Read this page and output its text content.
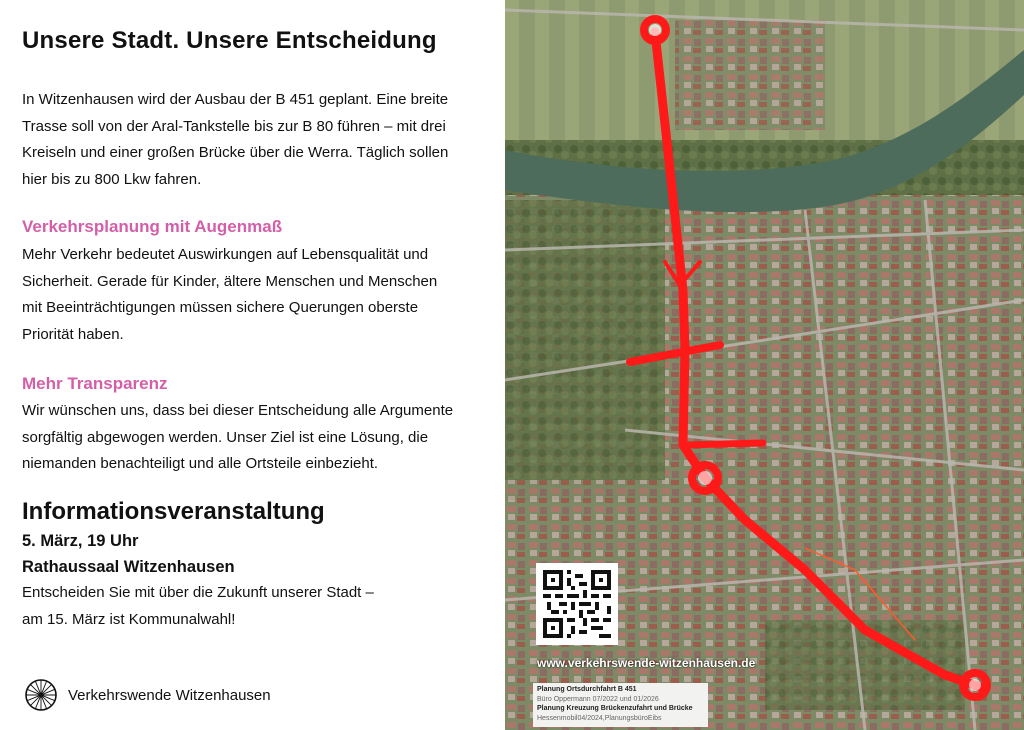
Unsere Stadt. Unsere Entscheidung
In Witzenhausen wird der Ausbau der B 451 geplant. Eine breite
Trasse soll von der Aral-Tankstelle bis zur B 80 führen – mit drei
Kreiseln und einer großen Brücke über die Werra. Täglich sollen
hier bis zu 800 Lkw fahren.
Verkehrsplanung mit Augenmaß
Mehr Verkehr bedeutet Auswirkungen auf Lebensqualität und
Sicherheit. Gerade für Kinder, ältere Menschen und Menschen
mit Beeinträchtigungen müssen sichere Querungen oberste
Priorität haben.
Mehr Transparenz
Wir wünschen uns, dass bei dieser Entscheidung alle Argumente
sorgfältig abgewogen werden. Unser Ziel ist eine Lösung, die
niemanden benachteiligt und alle Ortsteile einbezieht.
Informationsveranstaltung
5. März, 19 Uhr
Rathaussaal Witzenhausen
Entscheiden Sie mit über die Zukunft unserer Stadt –
am 15. März ist Kommunalwahl!
Verkehrswende Witzenhausen
www.verkehrswende-witzenhausen.de
Planung Ortsdurchfahrt B 451
Büro Oppermann 07/2022 und 01/2026
Planung Kreuzung Brückenzufahrt und Brücke
Hessenmobil04/2024,PlanungsbüroEibs
